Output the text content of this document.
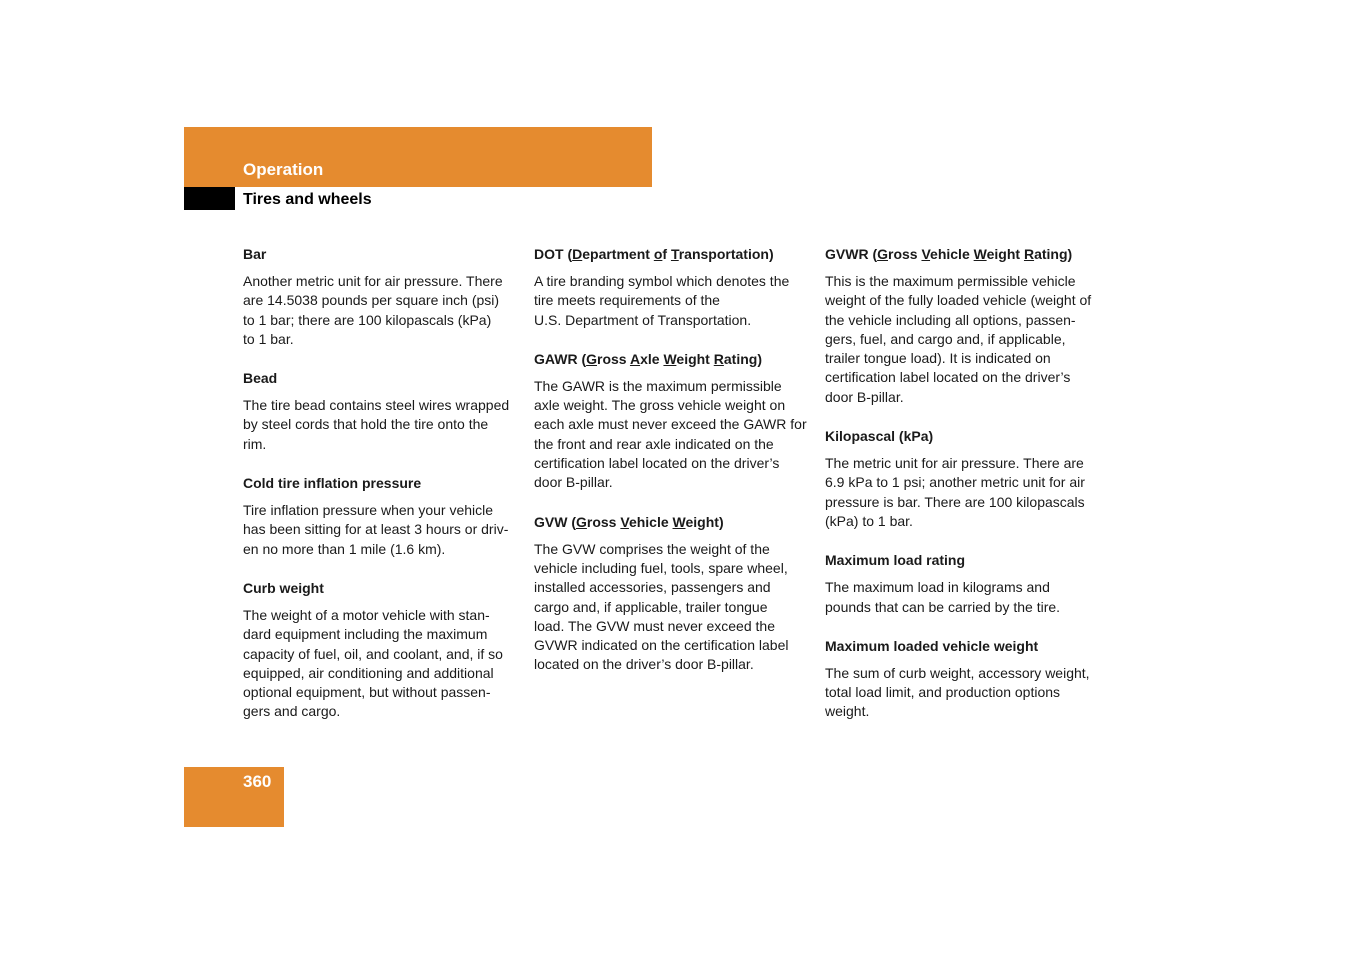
Operation
Tires and wheels

Bar

Another metric unit for air pressure. There
are 14.5038 pounds per square inch (psi)
to 1 bar; there are 100 kilopascals (kPa)
to 1 bar.

Bead

The tire bead contains steel wires wrapped
by steel cords that hold the tire onto the
rim.

Cold tire inflation pressure

Tire inflation pressure when your vehicle
has been sitting for at least 3 hours or driv-
en no more than 1 mile (1.6 km).

Curb weight

The weight of a motor vehicle with stan-
dard equipment including the maximum
capacity of fuel, oil, and coolant, and, if so
equipped, air conditioning and additional
optional equipment, but without passen-
gers and cargo.

DOT (Department of Transportation)

A tire branding symbol which denotes the
tire meets requirements of the
U.S. Department of Transportation.

GAWR (Gross Axle Weight Rating)

The GAWR is the maximum permissible
axle weight. The gross vehicle weight on
each axle must never exceed the GAWR for
the front and rear axle indicated on the
certification label located on the driver’s
door B-pillar.

GVW (Gross Vehicle Weight)

The GVW comprises the weight of the
vehicle including fuel, tools, spare wheel,
installed accessories, passengers and
cargo and, if applicable, trailer tongue
load. The GVW must never exceed the
GVWR indicated on the certification label
located on the driver’s door B-pillar.

GVWR (Gross Vehicle Weight Rating)

This is the maximum permissible vehicle
weight of the fully loaded vehicle (weight of
the vehicle including all options, passen-
gers, fuel, and cargo and, if applicable,
trailer tongue load). It is indicated on
certification label located on the driver’s
door B-pillar.

Kilopascal (kPa)

The metric unit for air pressure. There are
6.9 kPa to 1 psi; another metric unit for air
pressure is bar. There are 100 kilopascals
(kPa) to 1 bar.

Maximum load rating

The maximum load in kilograms and
pounds that can be carried by the tire.

Maximum loaded vehicle weight

The sum of curb weight, accessory weight,
total load limit, and production options
weight.

360
